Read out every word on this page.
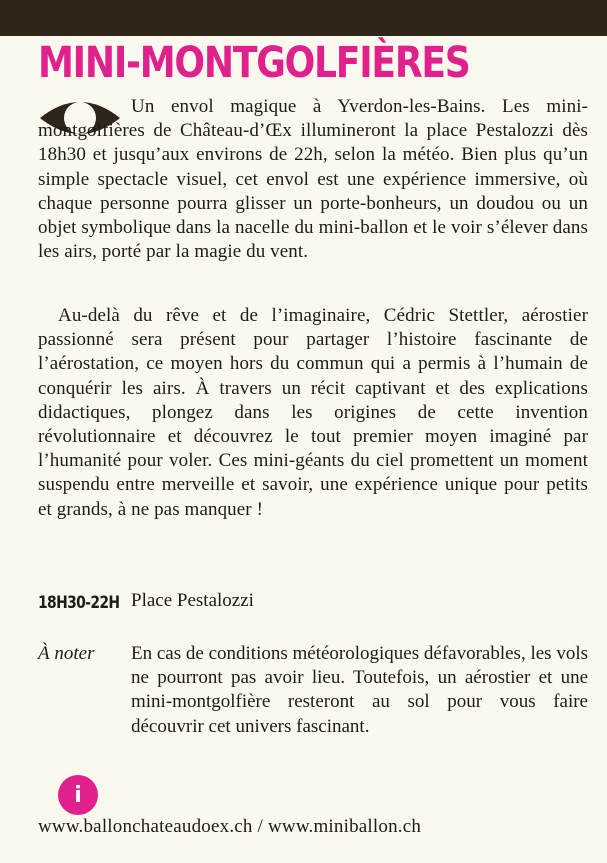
MINI-MONTGOLFIÈRES

Un envol magique à Yverdon-les-Bains. Les mini-montgolfières de Château-d’Œx illumineront la place Pestalozzi dès 18h30 et jusqu’aux environs de 22h, selon la météo. Bien plus qu’un simple spectacle visuel, cet envol est une expérience immersive, où chaque personne pourra glisser un porte-bonheurs, un doudou ou un objet symbolique dans la nacelle du mini-ballon et le voir s’élever dans les airs, porté par la magie du vent.

Au-delà du rêve et de l’imaginaire, Cédric Stettler, aérostier passionné sera présent pour partager l’histoire fascinante de l’aérostation, ce moyen hors du commun qui a permis à l’humain de conquérir les airs. À travers un récit captivant et des explications didactiques, plongez dans les origines de cette invention révolutionnaire et découvrez le tout premier moyen imaginé par l’humanité pour voler. Ces mini-géants du ciel promettent un moment suspendu entre merveille et savoir, une expérience unique pour petits et grands, à ne pas manquer !

18H30-22H Place Pestalozzi
À noter En cas de conditions météorologiques défavorables, les vols ne pourront pas avoir lieu. Toutefois, un aérostier et une mini-montgolfière resteront au sol pour vous faire découvrir cet univers fascinant.

i
www.ballonchateaudoex.ch / www.miniballon.ch
